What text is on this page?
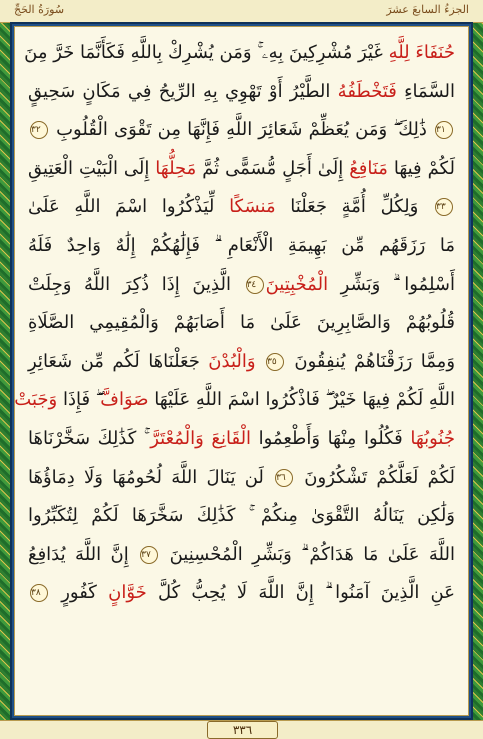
سُورَةُ الحَجِّ	الجزءُ السابعَ عشرَ
حُنَفَاءَ لِلَّهِ غَيْرَ مُشْرِكِينَ بِهِۦ ۚ وَمَن يُشْرِكْ بِاللَّهِ فَكَأَنَّمَا خَرَّ مِنَ
السَّمَاءِ فَتَخْطَفُهُ الطَّيْرُ أَوْ تَهْوِي بِهِ الرِّيحُ فِي مَكَانٍ سَحِيقٍ
٣١ ذَٰلِكَ ۖ وَمَن يُعَظِّمْ شَعَائِرَ اللَّهِ فَإِنَّهَا مِن تَقْوَى الْقُلُوبِ ٣٢
لَكُمْ فِيهَا مَنَافِعُ إِلَىٰ أَجَلٍ مُّسَمًّى ثُمَّ مَحِلُّهَا إِلَى الْبَيْتِ الْعَتِيقِ
٣٣ وَلِكُلِّ أُمَّةٍ جَعَلْنَا مَنسَكًا لِّيَذْكُرُوا اسْمَ اللَّهِ عَلَىٰ
مَا رَزَقَهُم مِّن بَهِيمَةِ الْأَنْعَامِ ۗ فَإِلَٰهُكُمْ إِلَٰهٌ وَاحِدٌ فَلَهُ
أَسْلِمُوا ۗ وَبَشِّرِ الْمُخْبِتِينَ٣٤ الَّذِينَ إِذَا ذُكِرَ اللَّهُ وَجِلَتْ
قُلُوبُهُمْ وَالصَّابِرِينَ عَلَىٰ مَا أَصَابَهُمْ وَالْمُقِيمِي الصَّلَاةِ
وَمِمَّا رَزَقْنَاهُمْ يُنفِقُونَ ٣٥ وَالْبُدْنَ جَعَلْنَاهَا لَكُم مِّن شَعَائِرِ
اللَّهِ لَكُمْ فِيهَا خَيْرٌ ۖ فَاذْكُرُوا اسْمَ اللَّهِ عَلَيْهَا صَوَافَّ ۖ فَإِذَا وَجَبَتْ
جُنُوبُهَا فَكُلُوا مِنْهَا وَأَطْعِمُوا الْقَانِعَ وَالْمُعْتَرَّ ۚ كَذَٰلِكَ سَخَّرْنَاهَا
لَكُمْ لَعَلَّكُمْ تَشْكُرُونَ ٣٦ لَن يَنَالَ اللَّهَ لُحُومُهَا وَلَا دِمَاؤُهَا
وَلَٰكِن يَنَالُهُ التَّقْوَىٰ مِنكُمْ ۚ كَذَٰلِكَ سَخَّرَهَا لَكُمْ لِتُكَبِّرُوا
اللَّهَ عَلَىٰ مَا هَدَاكُمْ ۗ وَبَشِّرِ الْمُحْسِنِينَ ٣٧ إِنَّ اللَّهَ يُدَافِعُ
عَنِ الَّذِينَ آمَنُوا ۗ إِنَّ اللَّهَ لَا يُحِبُّ كُلَّ خَوَّانٍ كَفُورٍ ٣٨
٣٣٦
